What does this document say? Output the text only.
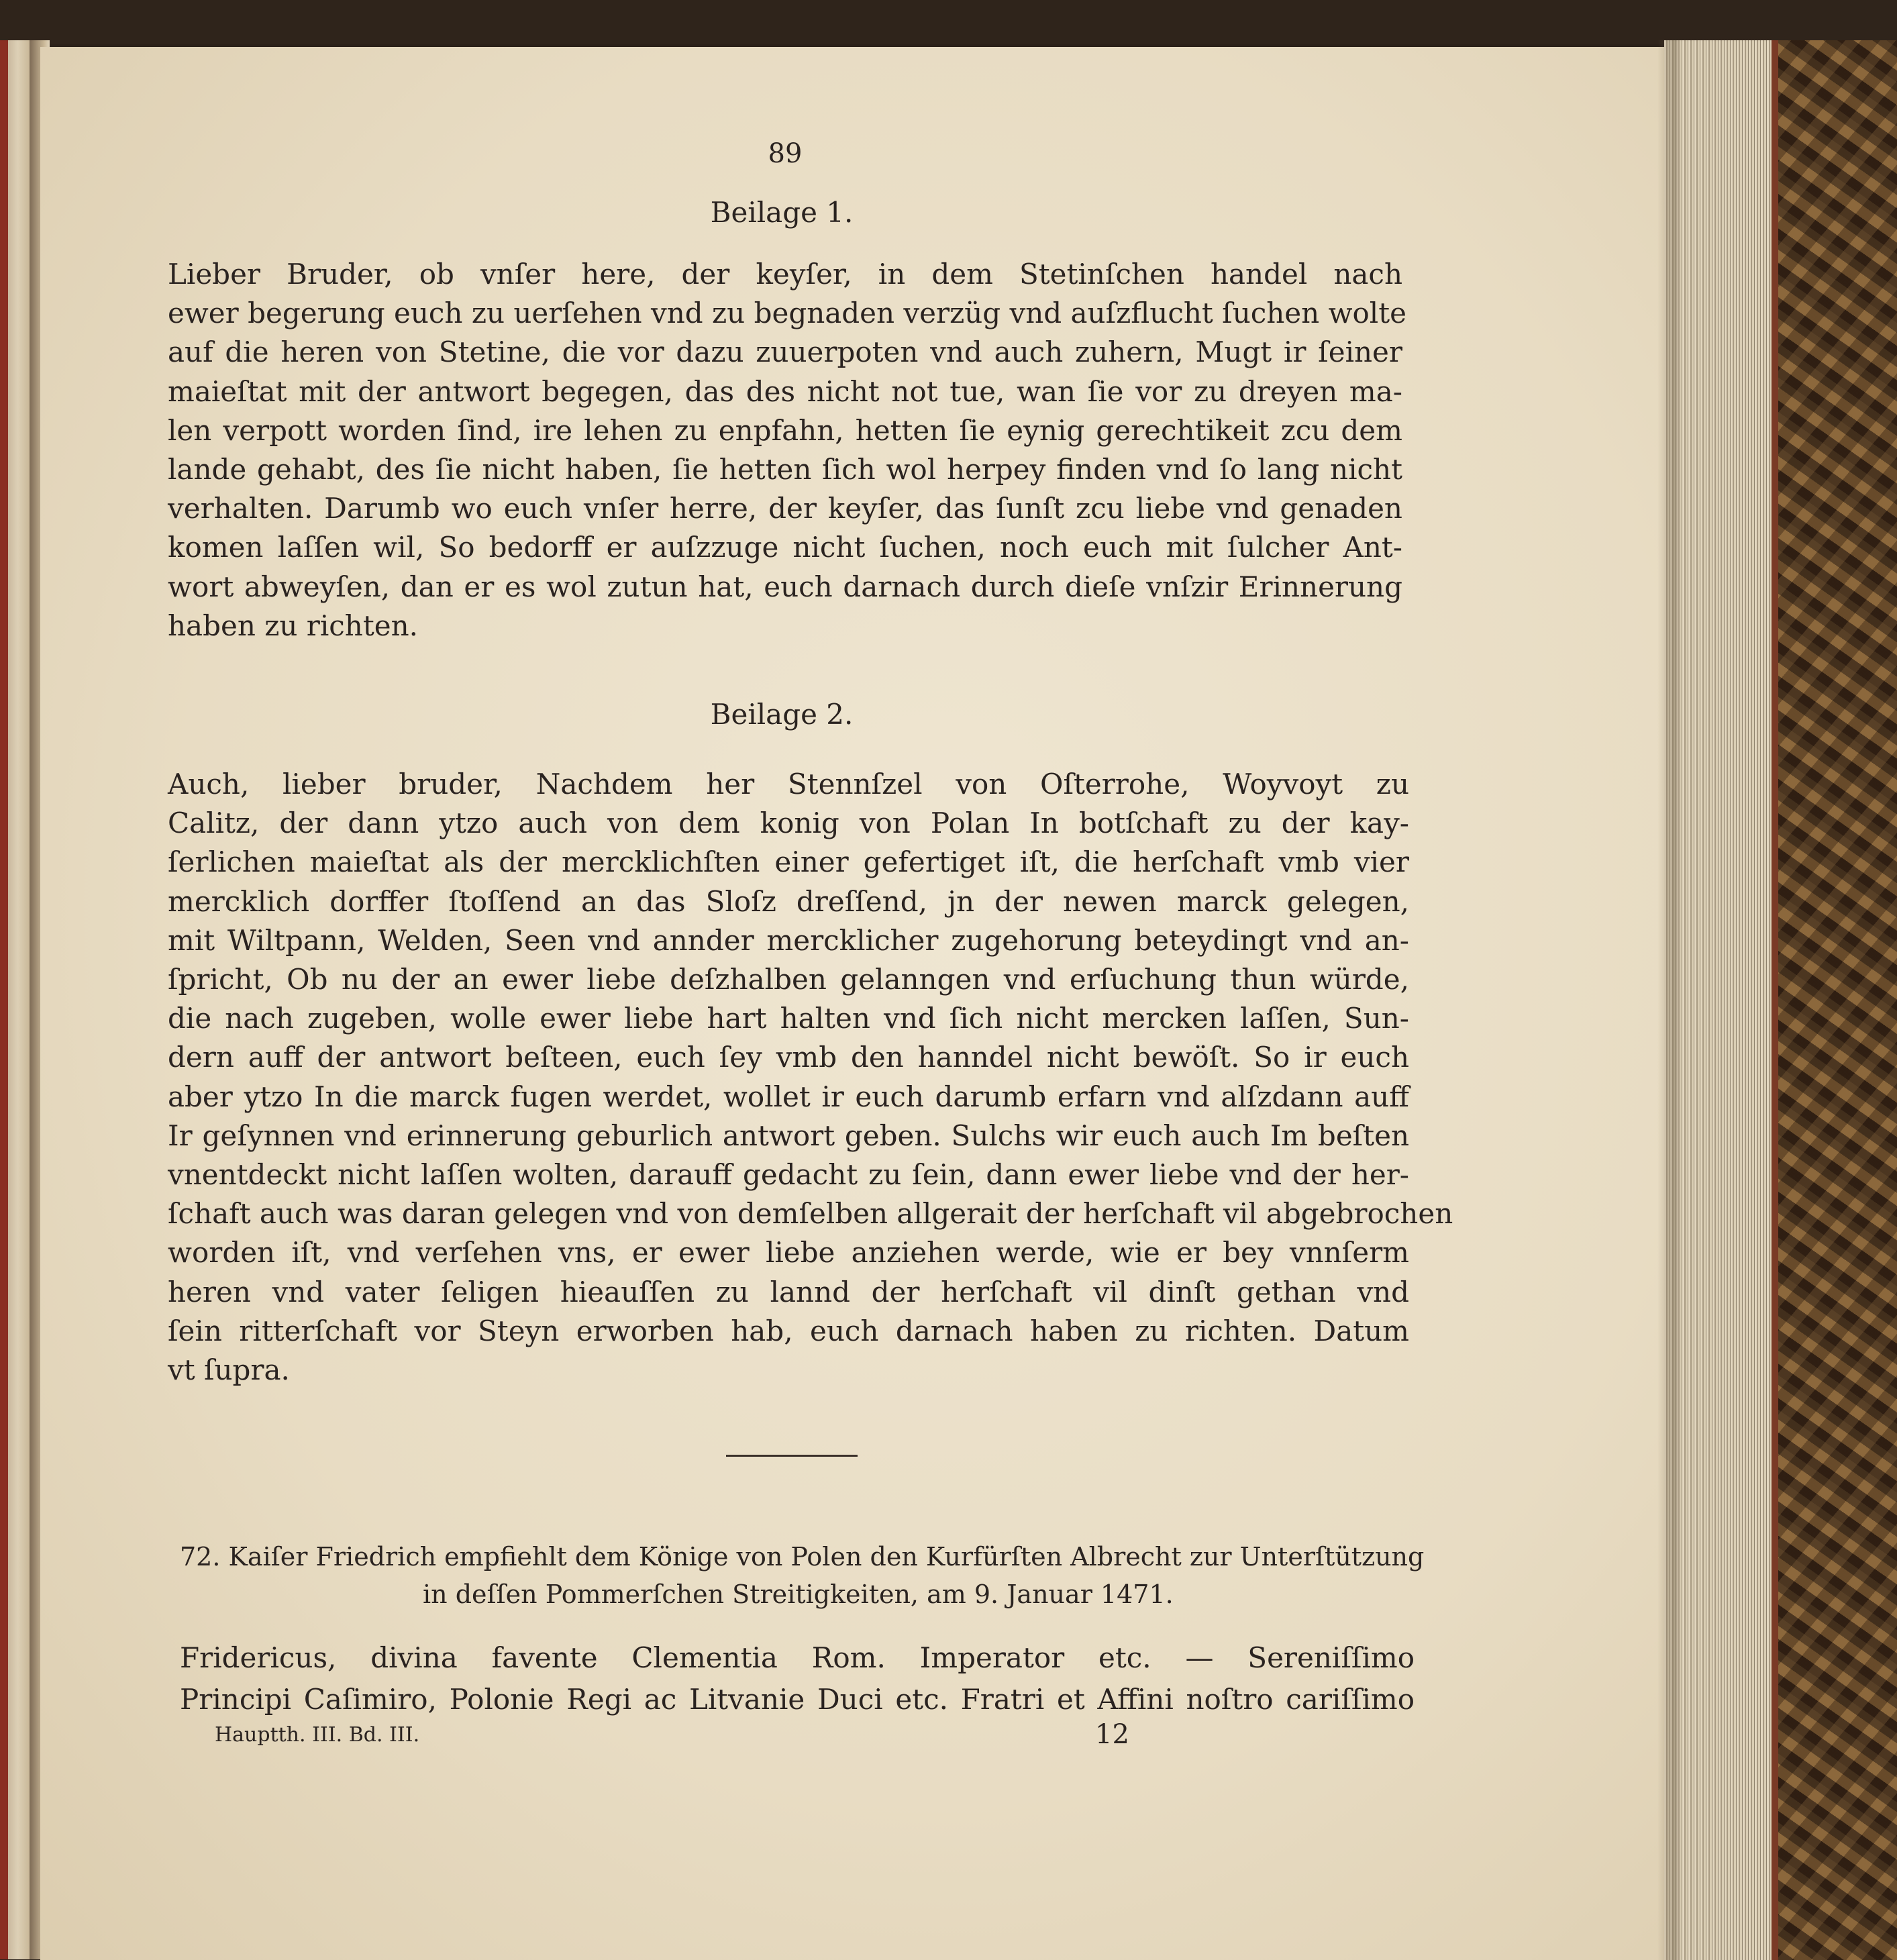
89
Beilage 1.
Lieber Bruder, ob vnſer here, der keyſer, in dem Stetinſchen handel nach
ewer begerung euch zu uerſehen vnd zu begnaden verzüg vnd auſzflucht ſuchen wolte
auf die heren von Stetine, die vor dazu zuuerpoten vnd auch zuhern, Mugt ir ſeiner
maieſtat mit der antwort begegen, das des nicht not tue, wan ſie vor zu dreyen ma-
len verpott worden ſind, ire lehen zu enpfahn, hetten ſie eynig gerechtikeit zcu dem
lande gehabt, des ſie nicht haben, ſie hetten ſich wol herpey finden vnd ſo lang nicht
verhalten. Darumb wo euch vnſer herre, der keyſer, das ſunſt zcu liebe vnd genaden
komen laſſen wil, So bedorff er auſzzuge nicht ſuchen, noch euch mit ſulcher Ant-
wort abweyſen, dan er es wol zutun hat, euch darnach durch dieſe vnſzir Erinnerung
haben zu richten.
Beilage 2.
Auch, lieber bruder, Nachdem her Stennſzel von Oſterrohe, Woyvoyt zu
Calitz, der dann ytzo auch von dem konig von Polan In botſchaft zu der kay-
ſerlichen maieſtat als der mercklichſten einer gefertiget iſt, die herſchaft vmb vier
mercklich dorffer ſtoſſend an das Sloſz dreſſend, jn der newen marck gelegen,
mit Wiltpann, Welden, Seen vnd annder mercklicher zugehorung beteydingt vnd an-
ſpricht, Ob nu der an ewer liebe deſzhalben gelanngen vnd erſuchung thun würde,
die nach zugeben, wolle ewer liebe hart halten vnd ſich nicht mercken laſſen, Sun-
dern auff der antwort beſteen, euch ſey vmb den hanndel nicht bewöſt. So ir euch
aber ytzo In die marck fugen werdet, wollet ir euch darumb erfarn vnd alſzdann auff
Ir geſynnen vnd erinnerung geburlich antwort geben. Sulchs wir euch auch Im beſten
vnentdeckt nicht laſſen wolten, darauff gedacht zu ſein, dann ewer liebe vnd der her-
ſchaft auch was daran gelegen vnd von demſelben allgerait der herſchaft vil abgebrochen
worden iſt, vnd verſehen vns, er ewer liebe anziehen werde, wie er bey vnnſerm
heren vnd vater ſeligen hieauſſen zu lannd der herſchaft vil dinſt gethan vnd
ſein ritterſchaft vor Steyn erworben hab, euch darnach haben zu richten. Datum
vt ſupra.
72. Kaiſer Friedrich empfiehlt dem Könige von Polen den Kurfürſten Albrecht zur Unterſtützung
in deſſen Pommerſchen Streitigkeiten, am 9. Januar 1471.
Fridericus, divina favente Clementia Rom. Imperator etc. — Sereniſſimo
Principi Caſimiro, Polonie Regi ac Litvanie Duci etc. Fratri et Affini noſtro cariſſimo
Hauptth. III. Bd. III.	12
